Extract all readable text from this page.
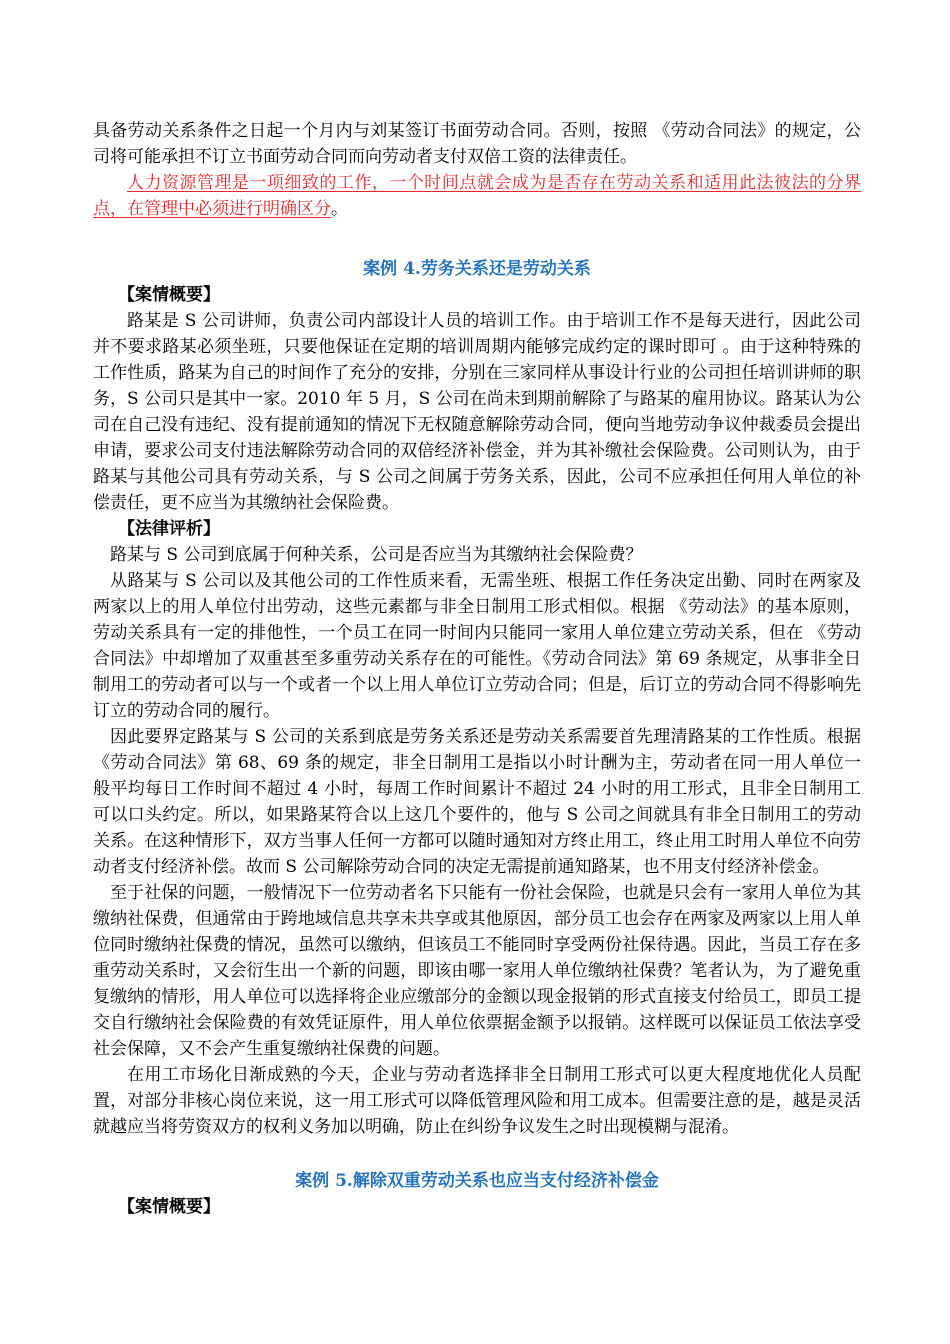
具备劳动关系条件之日起一个月内与刘某签订书面劳动合同。否则，按照 《劳动合同法》的规定，公司将可能承担不订立书面劳动合同而向劳动者支付双倍工资的法律责任。

人力资源管理是一项细致的工作，一个时间点就会成为是否存在劳动关系和适用此法彼法的分界点，在管理中必须进行明确区分。

案例 4.劳务关系还是劳动关系
【案情概要】

路某是 S 公司讲师，负责公司内部设计人员的培训工作。由于培训工作不是每天进行，因此公司并不要求路某必须坐班，只要他保证在定期的培训周期内能够完成约定的课时即可 。由于这种特殊的工作性质，路某为自己的时间作了充分的安排，分别在三家同样从事设计行业的公司担任培训讲师的职务，S 公司只是其中一家。2010 年 5 月，S 公司在尚未到期前解除了与路某的雇用协议。路某认为公司在自己没有违纪、没有提前通知的情况下无权随意解除劳动合同，便向当地劳动争议仲裁委员会提出申请，要求公司支付违法解除劳动合同的双倍经济补偿金，并为其补缴社会保险费。公司则认为，由于路某与其他公司具有劳动关系，与 S 公司之间属于劳务关系，因此，公司不应承担任何用人单位的补偿责任，更不应当为其缴纳社会保险费。

【法律评析】

路某与 S 公司到底属于何种关系，公司是否应当为其缴纳社会保险费？

从路某与 S 公司以及其他公司的工作性质来看，无需坐班、根据工作任务决定出勤、同时在两家及两家以上的用人单位付出劳动，这些元素都与非全日制用工形式相似。根据 《劳动法》的基本原则，劳动关系具有一定的排他性，一个员工在同一时间内只能同一家用人单位建立劳动关系，但在 《劳动合同法》中却增加了双重甚至多重劳动关系存在的可能性。《劳动合同法》第 69 条规定，从事非全日制用工的劳动者可以与一个或者一个以上用人单位订立劳动合同；但是，后订立的劳动合同不得影响先订立的劳动合同的履行。

因此要界定路某与 S 公司的关系到底是劳务关系还是劳动关系需要首先理清路某的工作性质。根据 《劳动合同法》第 68、69 条的规定，非全日制用工是指以小时计酬为主，劳动者在同一用人单位一般平均每日工作时间不超过 4 小时，每周工作时间累计不超过 24 小时的用工形式，且非全日制用工可以口头约定。所以，如果路某符合以上这几个要件的，他与 S 公司之间就具有非全日制用工的劳动关系。在这种情形下，双方当事人任何一方都可以随时通知对方终止用工，终止用工时用人单位不向劳动者支付经济补偿。故而 S 公司解除劳动合同的决定无需提前通知路某，也不用支付经济补偿金。

至于社保的问题，一般情况下一位劳动者名下只能有一份社会保险，也就是只会有一家用人单位为其缴纳社保费，但通常由于跨地域信息共享未共享或其他原因，部分员工也会存在两家及两家以上用人单位同时缴纳社保费的情况，虽然可以缴纳，但该员工不能同时享受两份社保待遇。因此，当员工存在多重劳动关系时，又会衍生出一个新的问题，即该由哪一家用人单位缴纳社保费？笔者认为，为了避免重复缴纳的情形，用人单位可以选择将企业应缴部分的金额以现金报销的形式直接支付给员工，即员工提交自行缴纳社会保险费的有效凭证原件，用人单位依票据金额予以报销。这样既可以保证员工依法享受社会保障，又不会产生重复缴纳社保费的问题。

在用工市场化日渐成熟的今天，企业与劳动者选择非全日制用工形式可以更大程度地优化人员配置，对部分非核心岗位来说，这一用工形式可以降低管理风险和用工成本。但需要注意的是，越是灵活就越应当将劳资双方的权利义务加以明确，防止在纠纷争议发生之时出现模糊与混淆。

案例 5.解除双重劳动关系也应当支付经济补偿金
【案情概要】
